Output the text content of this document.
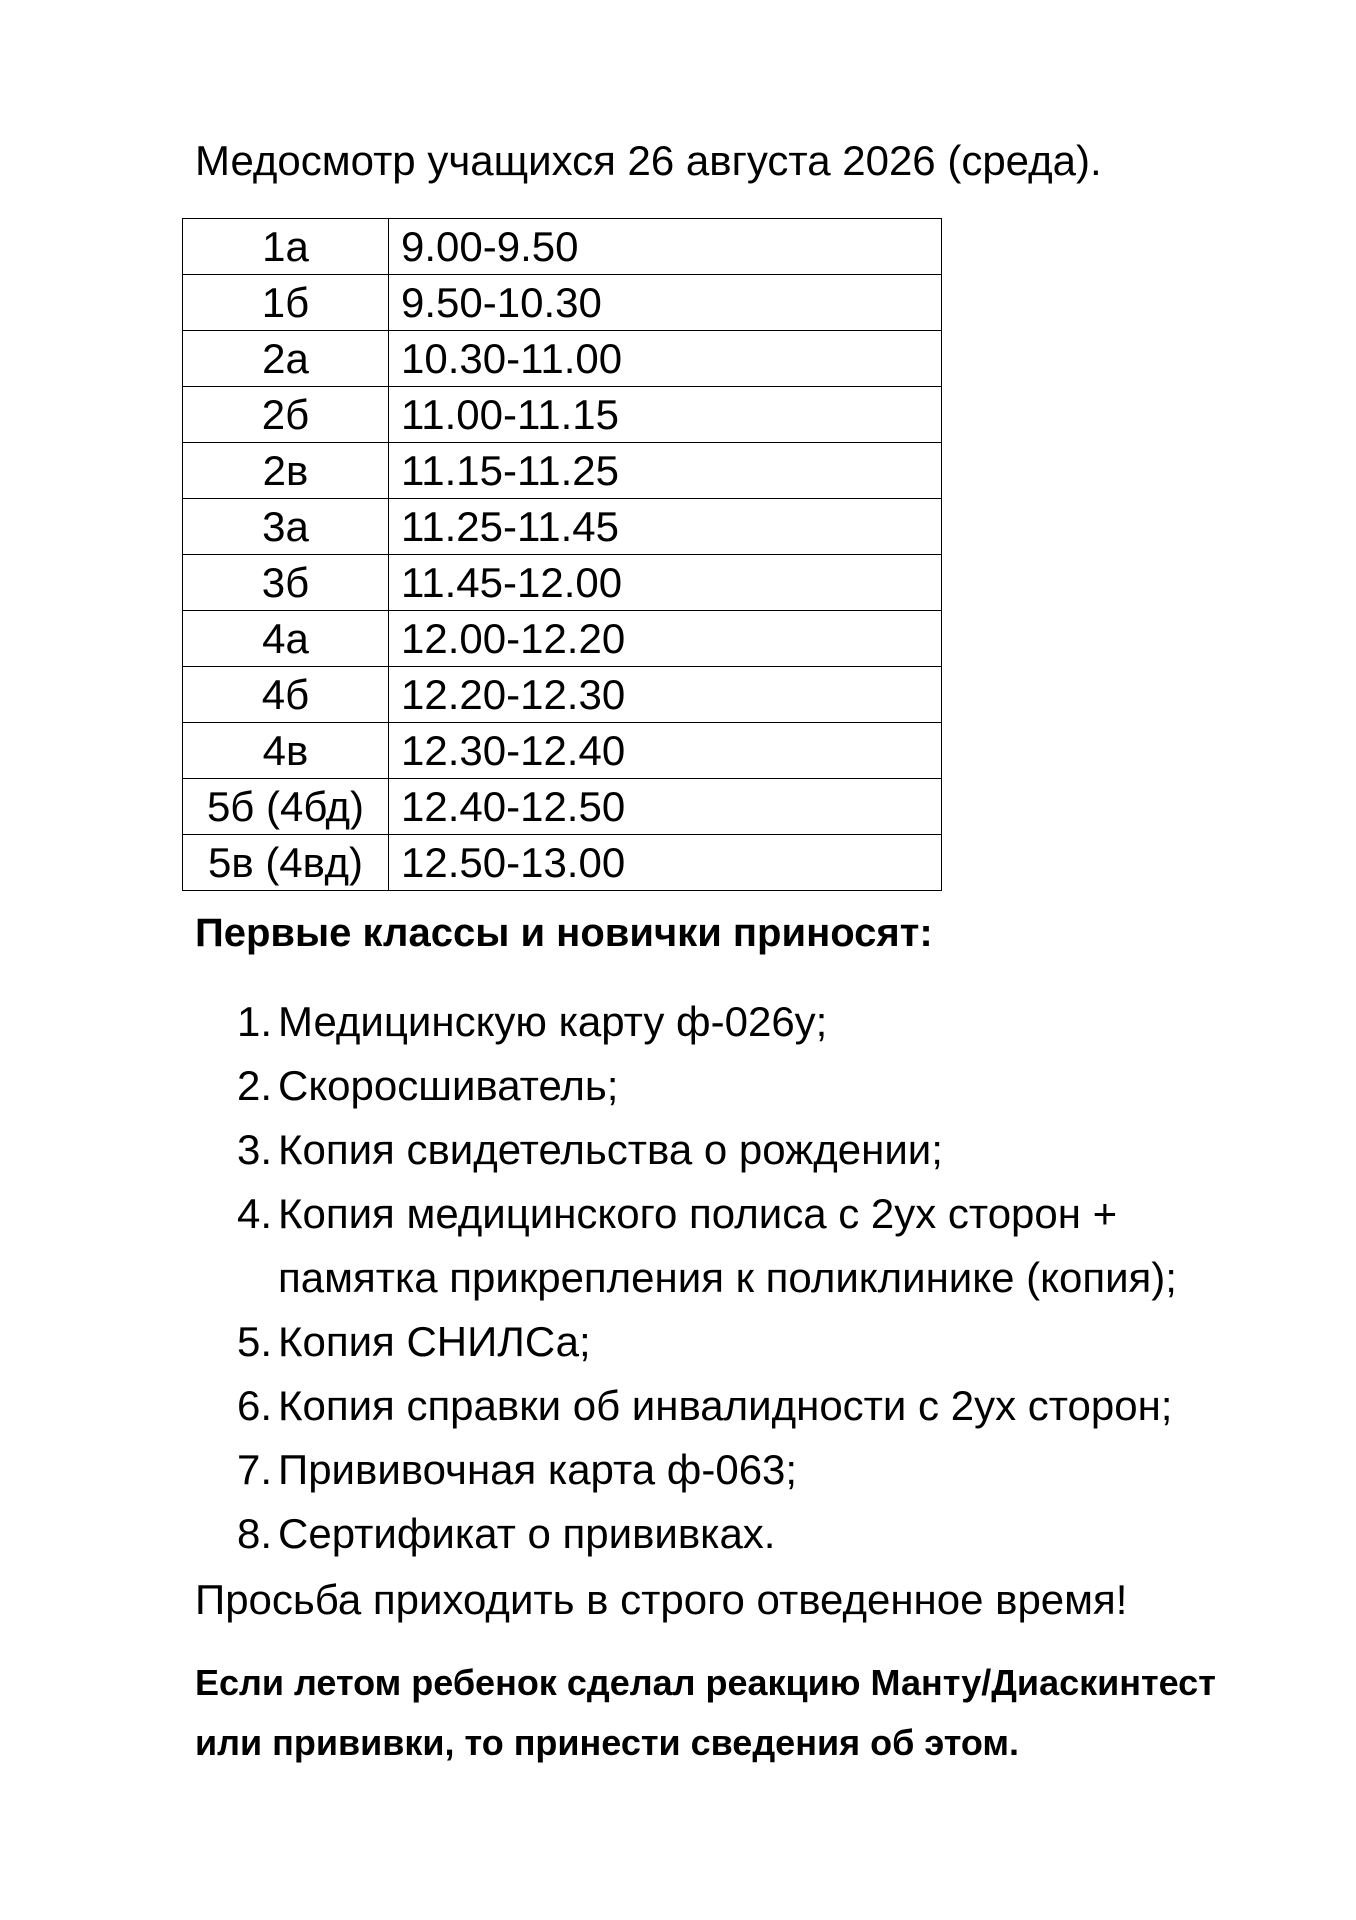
Медосмотр учащихся 26 августа 2026 (среда).
1а	9.00-9.50
1б	9.50-10.30
2а	10.30-11.00
2б	11.00-11.15
2в	11.15-11.25
3а	11.25-11.45
3б	11.45-12.00
4а	12.00-12.20
4б	12.20-12.30
4в	12.30-12.40
5б (4бд)	12.40-12.50
5в (4вд)	12.50-13.00
Первые классы и новички приносят:
1. Медицинскую карту ф-026у;
2. Скоросшиватель;
3. Копия свидетельства о рождении;
4. Копия медицинского полиса с 2ух сторон +
памятка прикрепления к поликлинике (копия);
5. Копия СНИЛСа;
6. Копия справки об инвалидности с 2ух сторон;
7. Прививочная карта ф-063;
8. Сертификат о прививках.
Просьба приходить в строго отведенное время!
Если летом ребенок сделал реакцию Манту/Диаскинтест
или прививки, то принести сведения об этом.
